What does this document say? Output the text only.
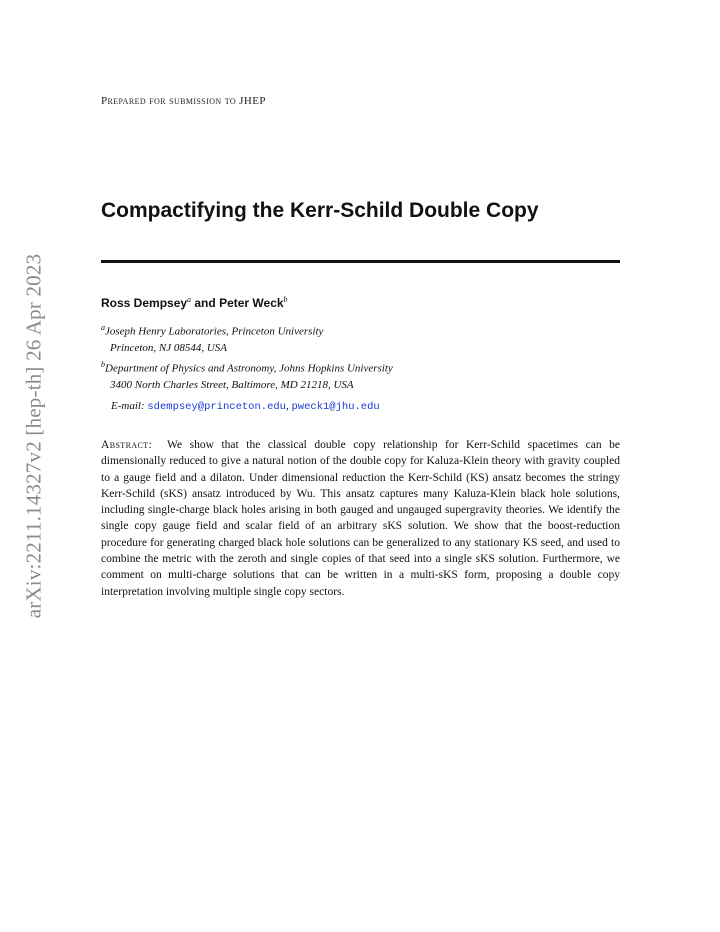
arXiv:2211.14327v2 [hep-th] 26 Apr 2023
Prepared for submission to JHEP
Compactifying the Kerr-Schild Double Copy
Ross Dempsey$^a$ and Peter Weck$^b$
$^a$Joseph Henry Laboratories, Princeton University
Princeton, NJ 08544, USA
$^b$Department of Physics and Astronomy, Johns Hopkins University
3400 North Charles Street, Baltimore, MD 21218, USA
E-mail: sdempsey@princeton.edu, pweck1@jhu.edu

Abstract: We show that the classical double copy relationship for Kerr-Schild spacetimes can be dimensionally reduced to give a natural notion of the double copy for Kaluza-Klein theory with gravity coupled to a gauge field and a dilaton. Under dimensional reduction the Kerr-Schild (KS) ansatz becomes the stringy Kerr-Schild (sKS) ansatz introduced by Wu. This ansatz captures many Kaluza-Klein black hole solutions, including single-charge black holes arising in both gauged and ungauged supergravity theories. We identify the single copy gauge field and scalar field of an arbitrary sKS solution. We show that the boost-reduction procedure for generating charged black hole solutions can be generalized to any stationary KS seed, and used to combine the metric with the zeroth and single copies of that seed into a single sKS solution. Furthermore, we comment on multi-charge solutions that can be written in a multi-sKS form, proposing a double copy interpretation involving multiple single copy sectors.
